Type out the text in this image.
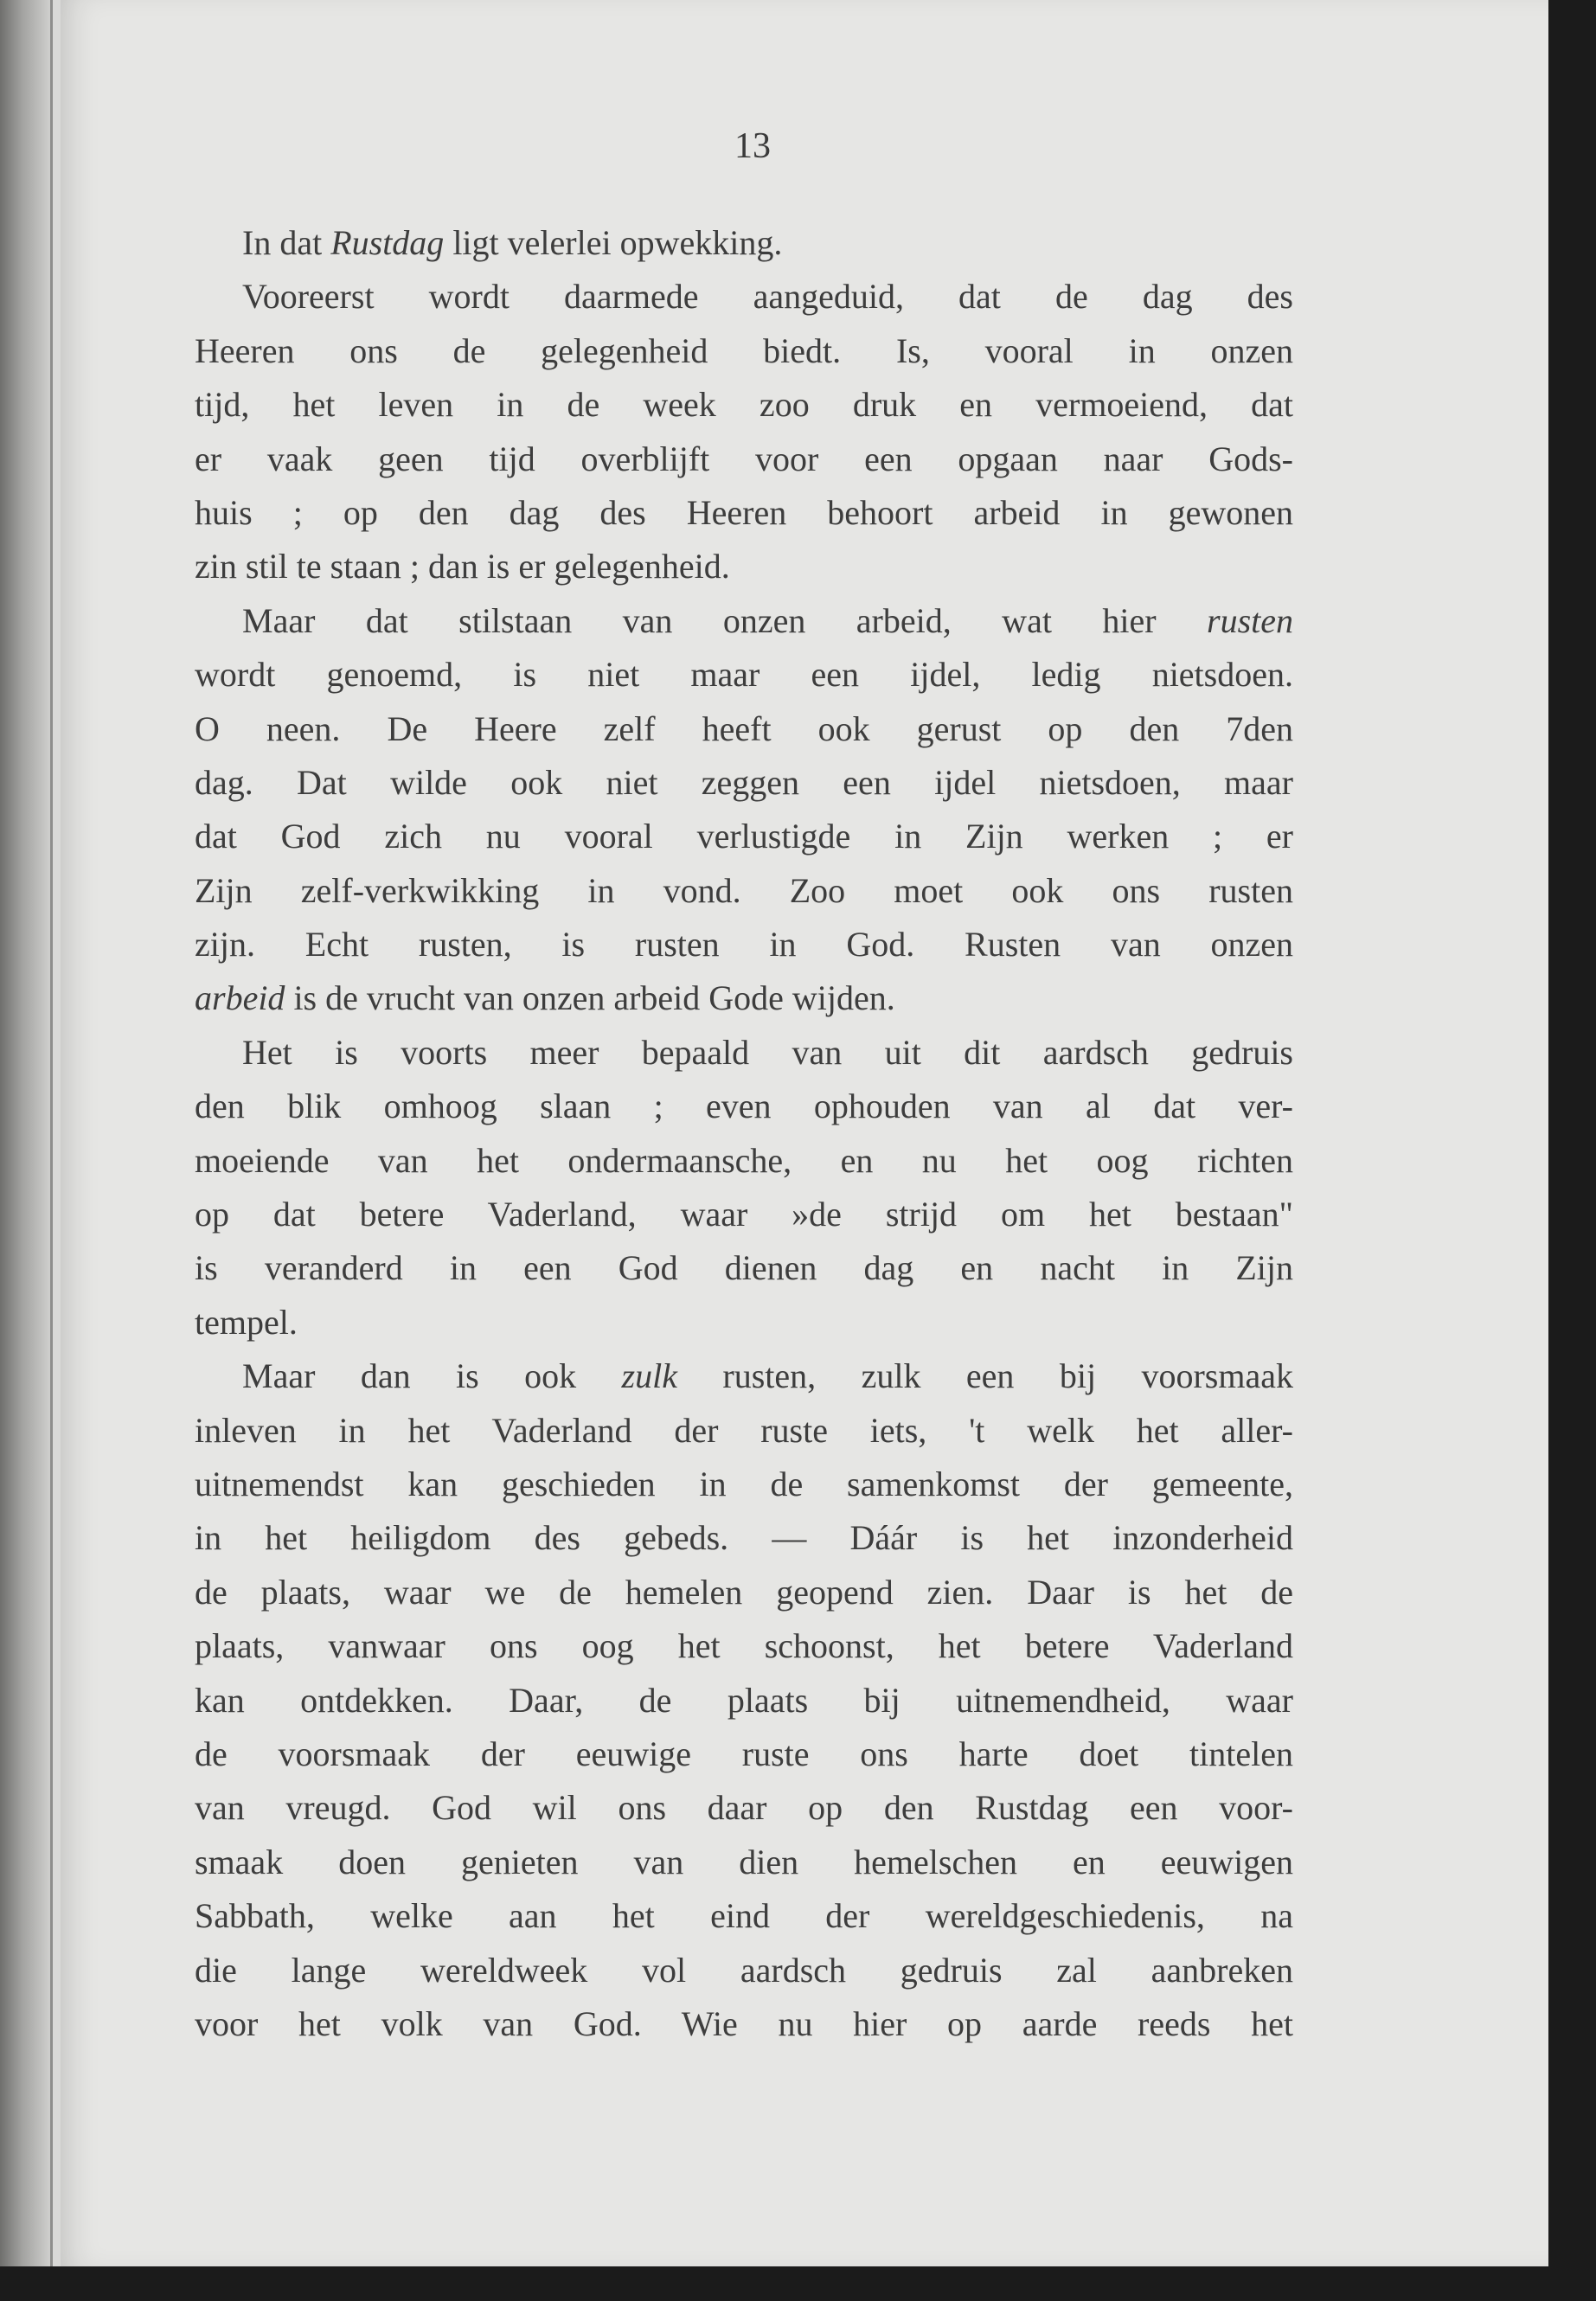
13
In dat Rustdag ligt velerlei opwekking.
Vooreerst wordt daarmede aangeduid, dat de dag des
Heeren ons de gelegenheid biedt. Is, vooral in onzen
tijd, het leven in de week zoo druk en vermoeiend, dat
er vaak geen tijd overblijft voor een opgaan naar Gods-
huis ; op den dag des Heeren behoort arbeid in gewonen
zin stil te staan ; dan is er gelegenheid.
Maar dat stilstaan van onzen arbeid, wat hier rusten
wordt genoemd, is niet maar een ijdel, ledig nietsdoen.
O neen. De Heere zelf heeft ook gerust op den 7den
dag. Dat wilde ook niet zeggen een ijdel nietsdoen, maar
dat God zich nu vooral verlustigde in Zijn werken ; er
Zijn zelf-verkwikking in vond. Zoo moet ook ons rusten
zijn. Echt rusten, is rusten in God. Rusten van onzen
arbeid is de vrucht van onzen arbeid Gode wijden.
Het is voorts meer bepaald van uit dit aardsch gedruis
den blik omhoog slaan ; even ophouden van al dat ver-
moeiende van het ondermaansche, en nu het oog richten
op dat betere Vaderland, waar »de strijd om het bestaan"
is veranderd in een God dienen dag en nacht in Zijn
tempel.
Maar dan is ook zulk rusten, zulk een bij voorsmaak
inleven in het Vaderland der ruste iets, 't welk het aller-
uitnemendst kan geschieden in de samenkomst der gemeente,
in het heiligdom des gebeds. — Dáár is het inzonderheid
de plaats, waar we de hemelen geopend zien. Daar is het de
plaats, vanwaar ons oog het schoonst, het betere Vaderland
kan ontdekken. Daar, de plaats bij uitnemendheid, waar
de voorsmaak der eeuwige ruste ons harte doet tintelen
van vreugd. God wil ons daar op den Rustdag een voor-
smaak doen genieten van dien hemelschen en eeuwigen
Sabbath, welke aan het eind der wereldgeschiedenis, na
die lange wereldweek vol aardsch gedruis zal aanbreken
voor het volk van God. Wie nu hier op aarde reeds het
